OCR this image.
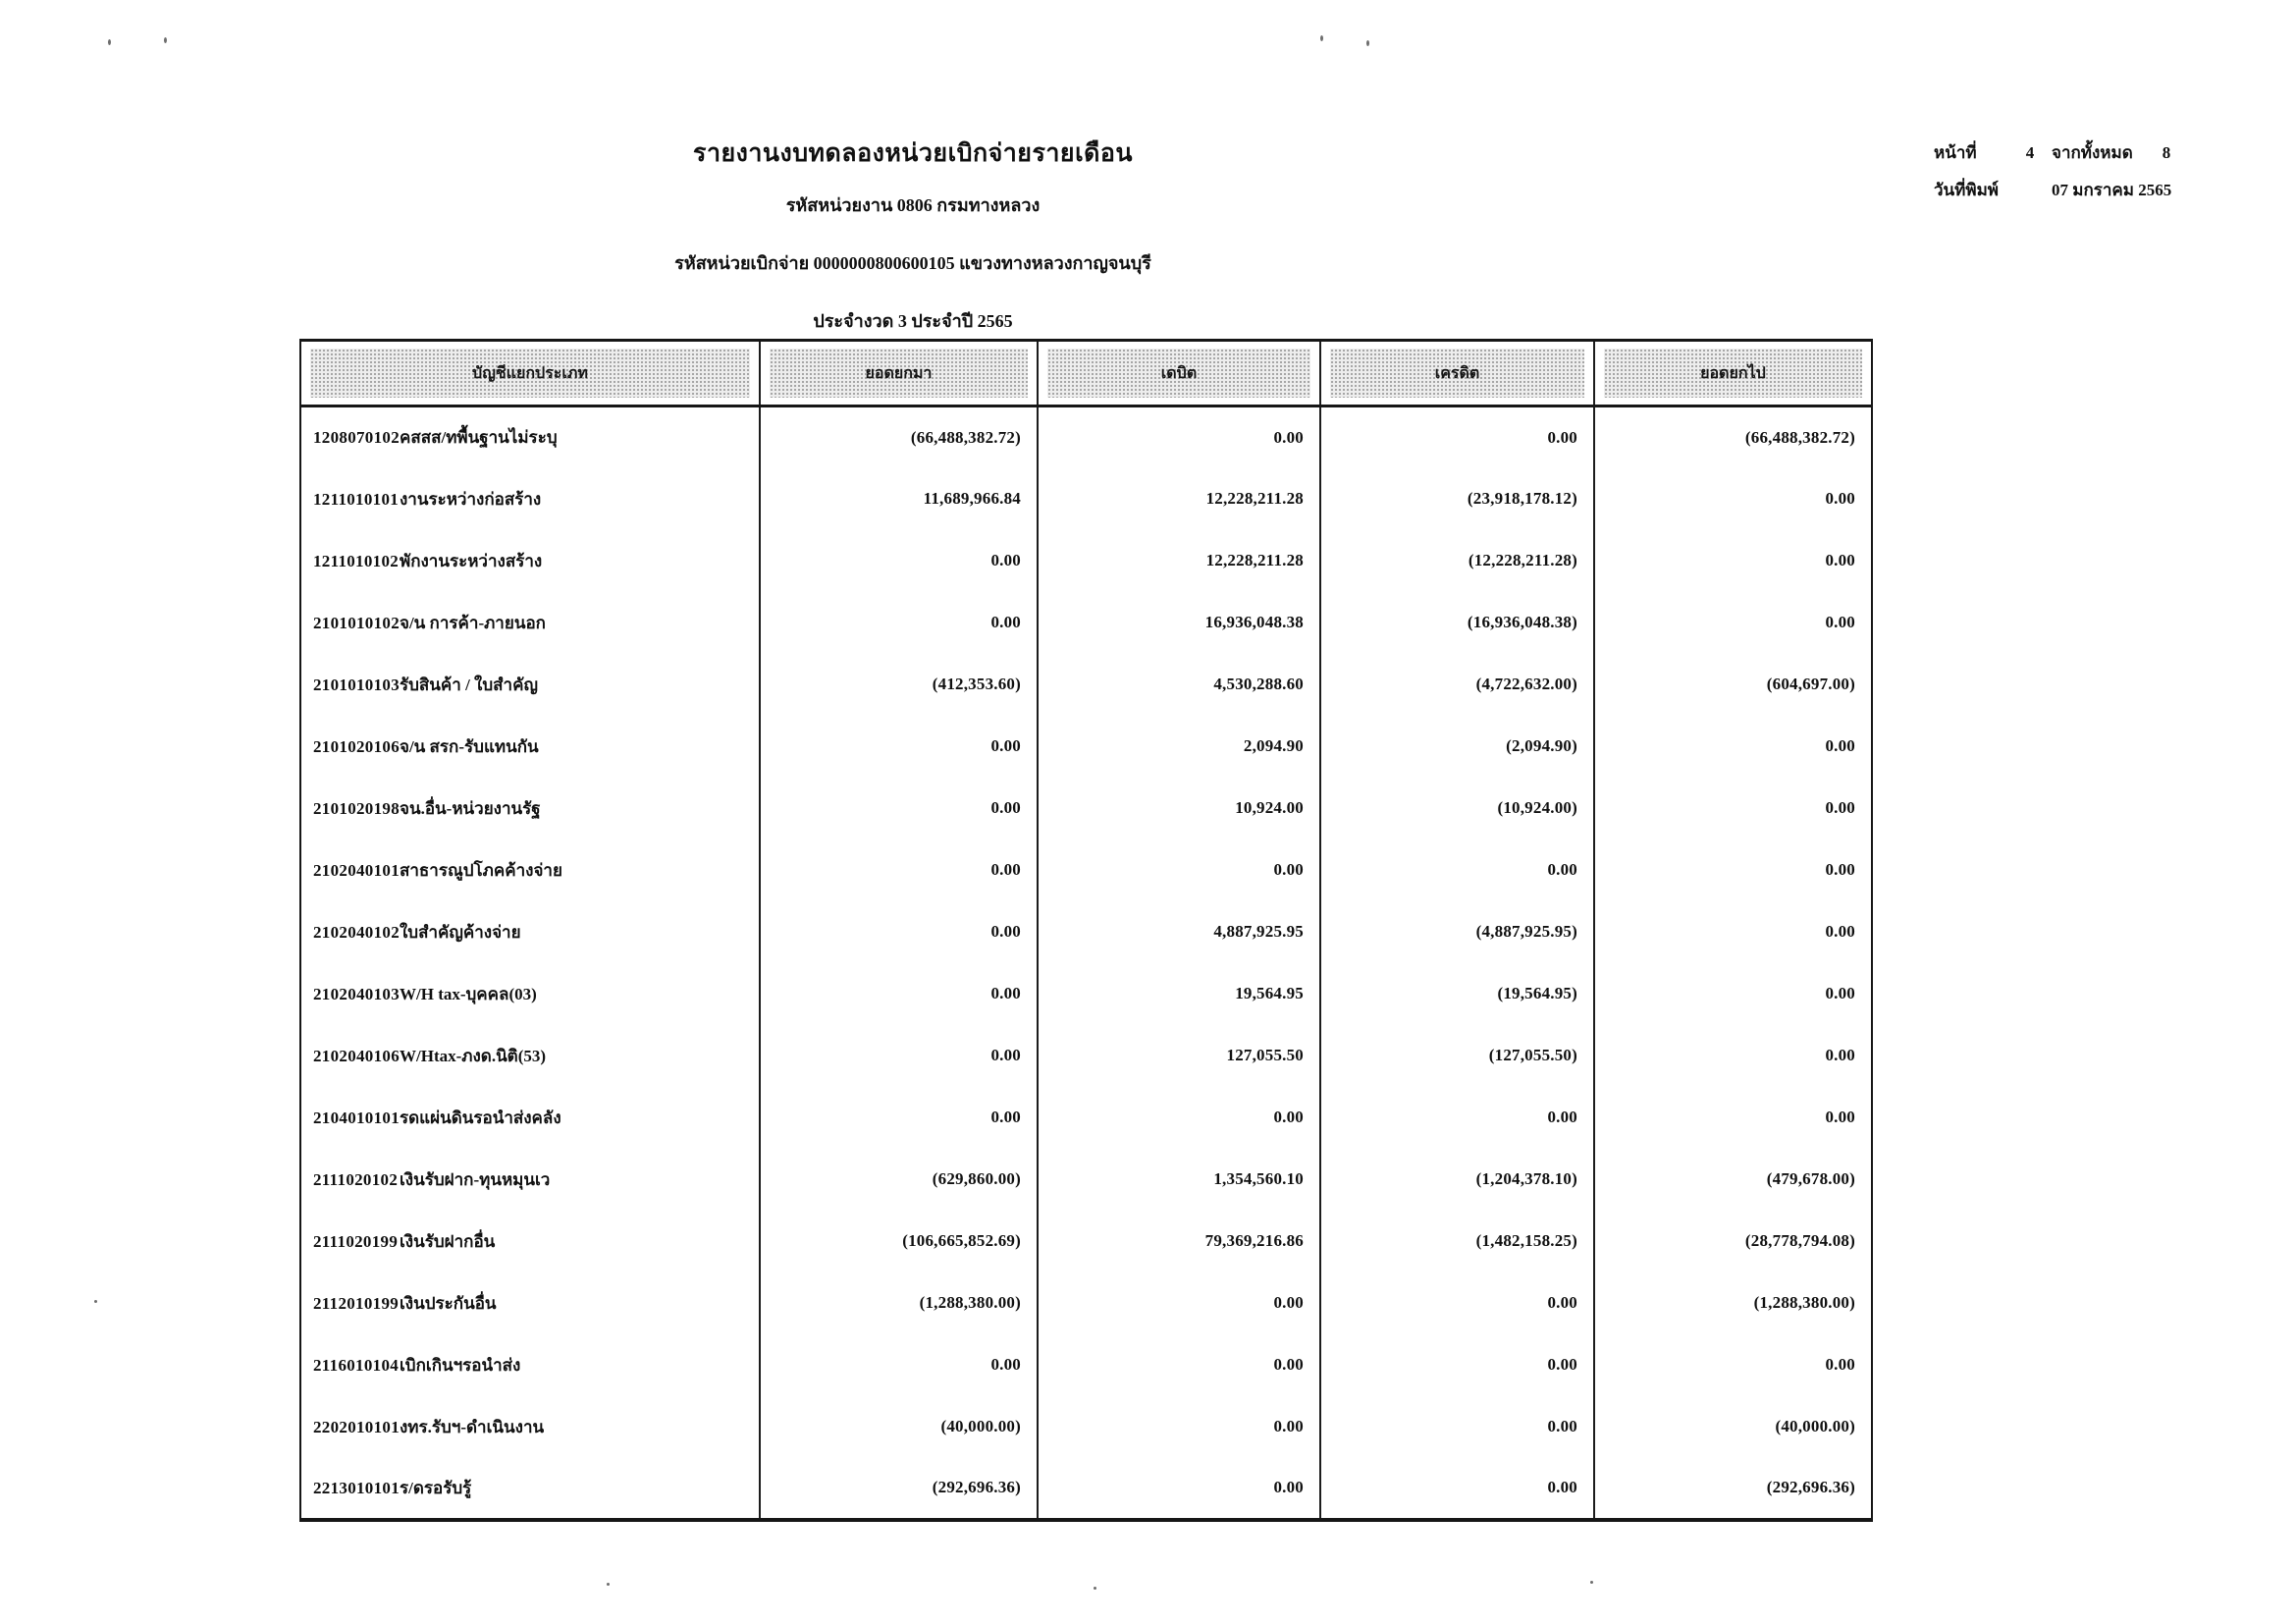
รายงานงบทดลองหน่วยเบิกจ่ายรายเดือน
รหัสหน่วยงาน 0806 กรมทางหลวง
รหัสหน่วยเบิกจ่าย 0000000800600105 แขวงทางหลวงกาญจนบุรี
ประจำงวด 3 ประจำปี 2565
หน้าที่	4	จากทั้งหมด	8
วันที่พิมพ์	07 มกราคม 2565
บัญชีแยกประเภท	ยอดยกมา	เดบิต	เครดิต	ยอดยกไป

1208070102 คสสส/ทพื้นฐานไม่ระบุ	(66,488,382.72)	0.00	0.00	(66,488,382.72)
1211010101 งานระหว่างก่อสร้าง	11,689,966.84	12,228,211.28	(23,918,178.12)	0.00
1211010102 พักงานระหว่างสร้าง	0.00	12,228,211.28	(12,228,211.28)	0.00
2101010102 จ/น การค้า-ภายนอก	0.00	16,936,048.38	(16,936,048.38)	0.00
2101010103 รับสินค้า / ใบสำคัญ	(412,353.60)	4,530,288.60	(4,722,632.00)	(604,697.00)
2101020106 จ/น สรก-รับแทนกัน	0.00	2,094.90	(2,094.90)	0.00
2101020198 จน.อื่น-หน่วยงานรัฐ	0.00	10,924.00	(10,924.00)	0.00
2102040101 สาธารณูปโภคค้างจ่าย	0.00	0.00	0.00	0.00
2102040102 ใบสำคัญค้างจ่าย	0.00	4,887,925.95	(4,887,925.95)	0.00
2102040103 W/H tax-บุคคล(03)	0.00	19,564.95	(19,564.95)	0.00
2102040106 W/Htax-ภงด.นิติ(53)	0.00	127,055.50	(127,055.50)	0.00
2104010101 รดแผ่นดินรอนำส่งคลัง	0.00	0.00	0.00	0.00
2111020102 เงินรับฝาก-ทุนหมุนเว	(629,860.00)	1,354,560.10	(1,204,378.10)	(479,678.00)
2111020199 เงินรับฝากอื่น	(106,665,852.69)	79,369,216.86	(1,482,158.25)	(28,778,794.08)
2112010199 เงินประกันอื่น	(1,288,380.00)	0.00	0.00	(1,288,380.00)
2116010104 เบิกเกินฯรอนำส่ง	0.00	0.00	0.00	0.00
2202010101 งทร.รับฯ-ดำเนินงาน	(40,000.00)	0.00	0.00	(40,000.00)
2213010101 ร/ดรอรับรู้	(292,696.36)	0.00	0.00	(292,696.36)
